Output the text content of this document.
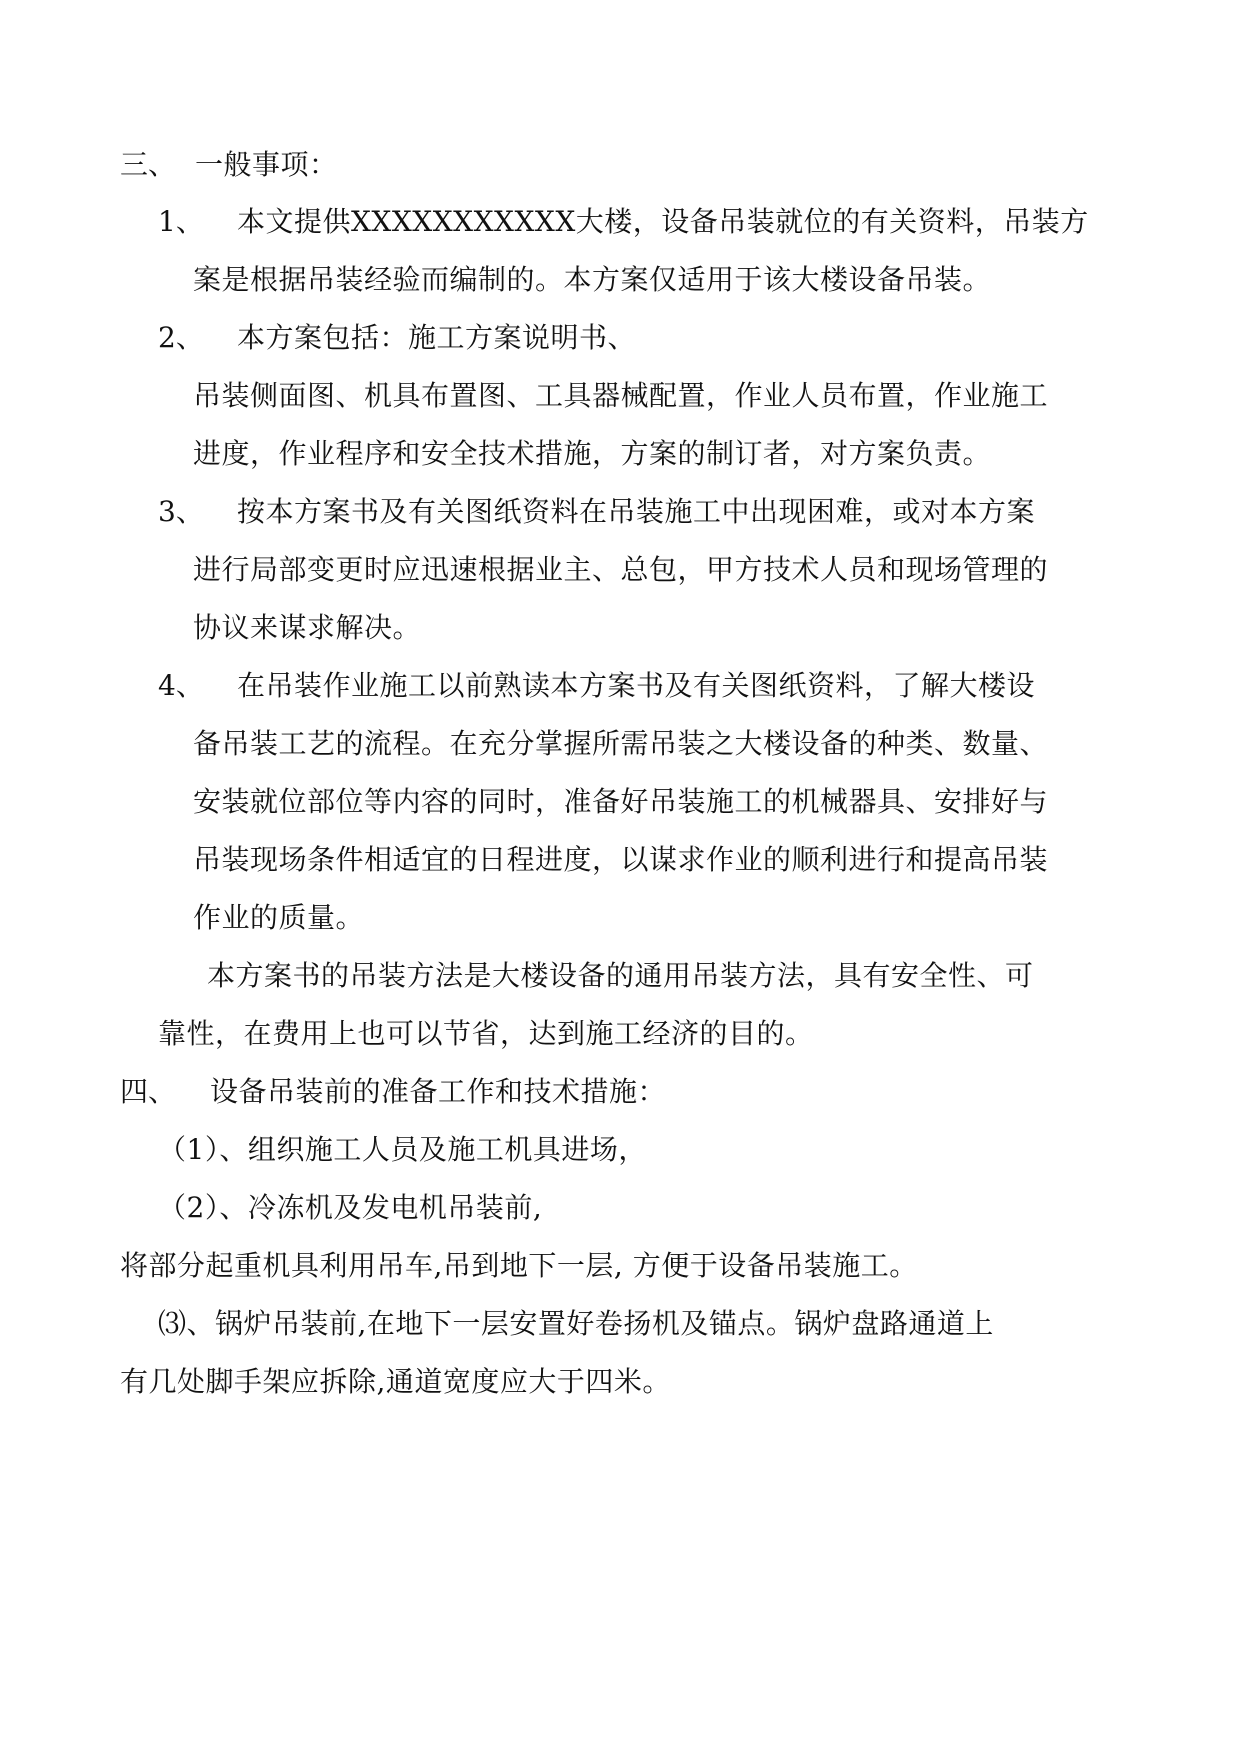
三、 一般事项：
1、 本文提供XXXXXXXXXXX大楼，设备吊装就位的有关资料，吊装方
案是根据吊装经验而编制的。本方案仅适用于该大楼设备吊装。
2、 本方案包括：施工方案说明书、
吊装侧面图、机具布置图、工具器械配置，作业人员布置，作业施工
进度，作业程序和安全技术措施，方案的制订者，对方案负责。
3、 按本方案书及有关图纸资料在吊装施工中出现困难，或对本方案
进行局部变更时应迅速根据业主、总包，甲方技术人员和现场管理的
协议来谋求解决。
4、 在吊装作业施工以前熟读本方案书及有关图纸资料，了解大楼设
备吊装工艺的流程。在充分掌握所需吊装之大楼设备的种类、数量、
安装就位部位等内容的同时，准备好吊装施工的机械器具、安排好与
吊装现场条件相适宜的日程进度，以谋求作业的顺利进行和提高吊装
作业的质量。
本方案书的吊装方法是大楼设备的通用吊装方法，具有安全性、可
靠性，在费用上也可以节省，达到施工经济的目的。
四、 设备吊装前的准备工作和技术措施：
（1）、组织施工人员及施工机具进场，
（2）、冷冻机及发电机吊装前,
将部分起重机具利用吊车,吊到地下一层, 方便于设备吊装施工。
⑶、锅炉吊装前,在地下一层安置好卷扬机及锚点。锅炉盘路通道上
有几处脚手架应拆除,通道宽度应大于四米。
